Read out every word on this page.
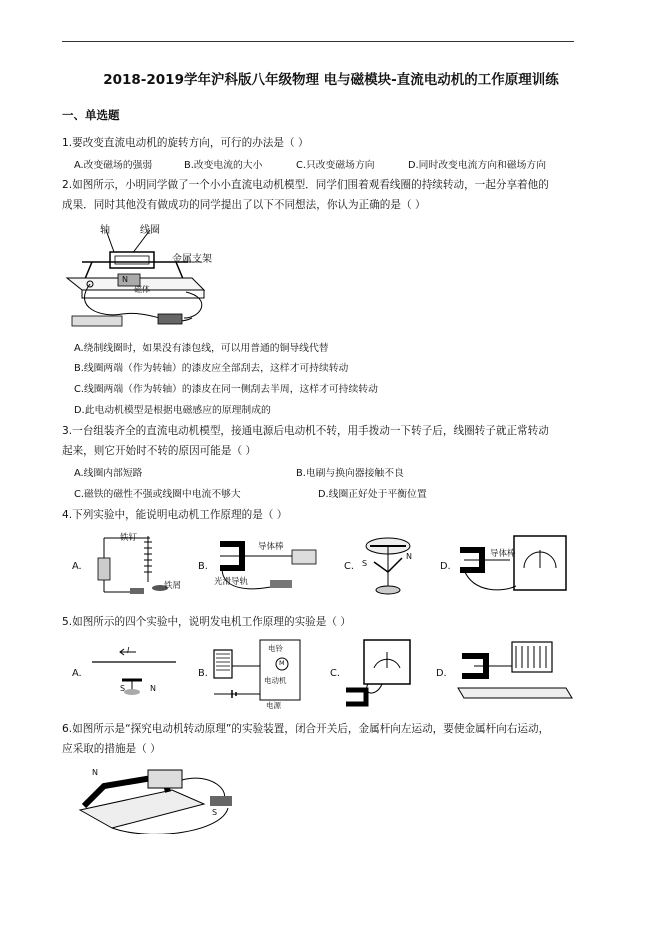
2018-2019学年沪科版八年级物理 电与磁模块-直流电动机的工作原理训练
一、单选题
1.要改变直流电动机的旋转方向，可行的办法是（ ）
A.改变磁场的强弱	B.改变电流的大小	C.只改变磁场方向	D.同时改变电流方向和磁场方向
2.如图所示，小明同学做了一个小小直流电动机模型．同学们围着观看线圈的持续转动，一起分享着他的
成果．同时其他没有做成功的同学提出了以下不同想法，你认为正确的是（ ）
轴	线圈
金属支架
N
磁体
A.绕制线圈时，如果没有漆包线，可以用普通的铜导线代替
B.线圈两端（作为转轴）的漆皮应全部刮去，这样才可持续转动
C.线圈两端（作为转轴）的漆皮在同一侧刮去半周，这样才可持续转动
D.此电动机模型是根据电磁感应的原理制成的
3.一台组装齐全的直流电动机模型，接通电源后电动机不转，用手拨动一下转子后，线圈转子就正常转动
起来，则它开始时不转的原因可能是（ ）
A.线圈内部短路	B.电刷与换向器接触不良
C.磁铁的磁性不强或线圈中电流不够大	D.线圈正好处于平衡位置
4.下列实验中，能说明电动机工作原理的是（ ）
A.	B.	C.	D.
铁钉
铁屑
导体棒
光滑导轨
S
N	导体棒
5.如图所示的四个实验中，说明发电机工作原理的实验是（ ）
A.	B.	C.	D.
I
S	N
电铃
M
电动机
电源
6.如图所示是“探究电动机转动原理”的实验装置，闭合开关后，金属杆向左运动，要使金属杆向右运动，
应采取的措施是（ ）
N
S
